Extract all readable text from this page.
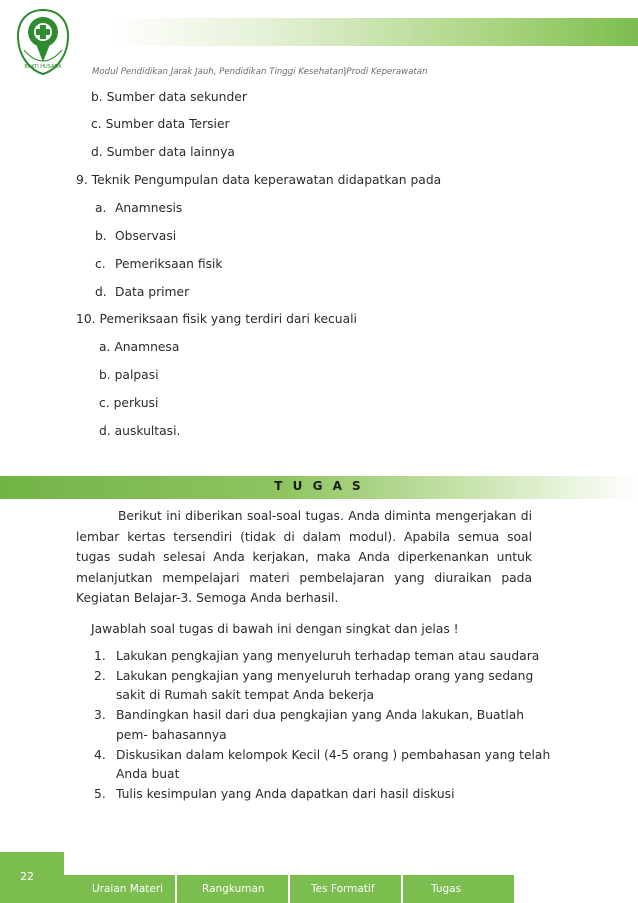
BAKTI HUSADA	Modul Pendidikan Jarak Jauh, Pendidikan Tinggi Kesehatan|Prodi Keperawatan
b. Sumber data sekunder
c. Sumber data Tersier
d. Sumber data lainnya
9. Teknik Pengumpulan data keperawatan didapatkan pada
a. Anamnesis
b. Observasi
c. Pemeriksaan fisik
d. Data primer
10. Pemeriksaan fisik yang terdiri dari kecuali
a. Anamnesa
b. palpasi
c. perkusi
d. auskultasi.
T U G A S
Berikut ini diberikan soal-soal tugas. Anda diminta mengerjakan di lembar kertas tersendiri (tidak di dalam modul). Apabila semua soal tugas sudah selesai Anda kerjakan, maka Anda diperkenankan untuk melanjutkan mempelajari materi pembelajaran yang diuraikan pada Kegiatan Belajar-3. Semoga Anda berhasil.
Jawablah soal tugas di bawah ini dengan singkat dan jelas !
1. Lakukan pengkajian yang menyeluruh terhadap teman atau saudara
2. Lakukan pengkajian yang menyeluruh terhadap orang yang sedang sakit di Rumah sakit tempat Anda bekerja
3. Bandingkan hasil dari dua pengkajian yang Anda lakukan, Buatlah pem- bahasannya
4. Diskusikan dalam kelompok Kecil (4-5 orang ) pembahasan yang telah Anda buat
5. Tulis kesimpulan yang Anda dapatkan dari hasil diskusi
22
Uraian Materi	Rangkuman	Tes Formatif	Tugas
